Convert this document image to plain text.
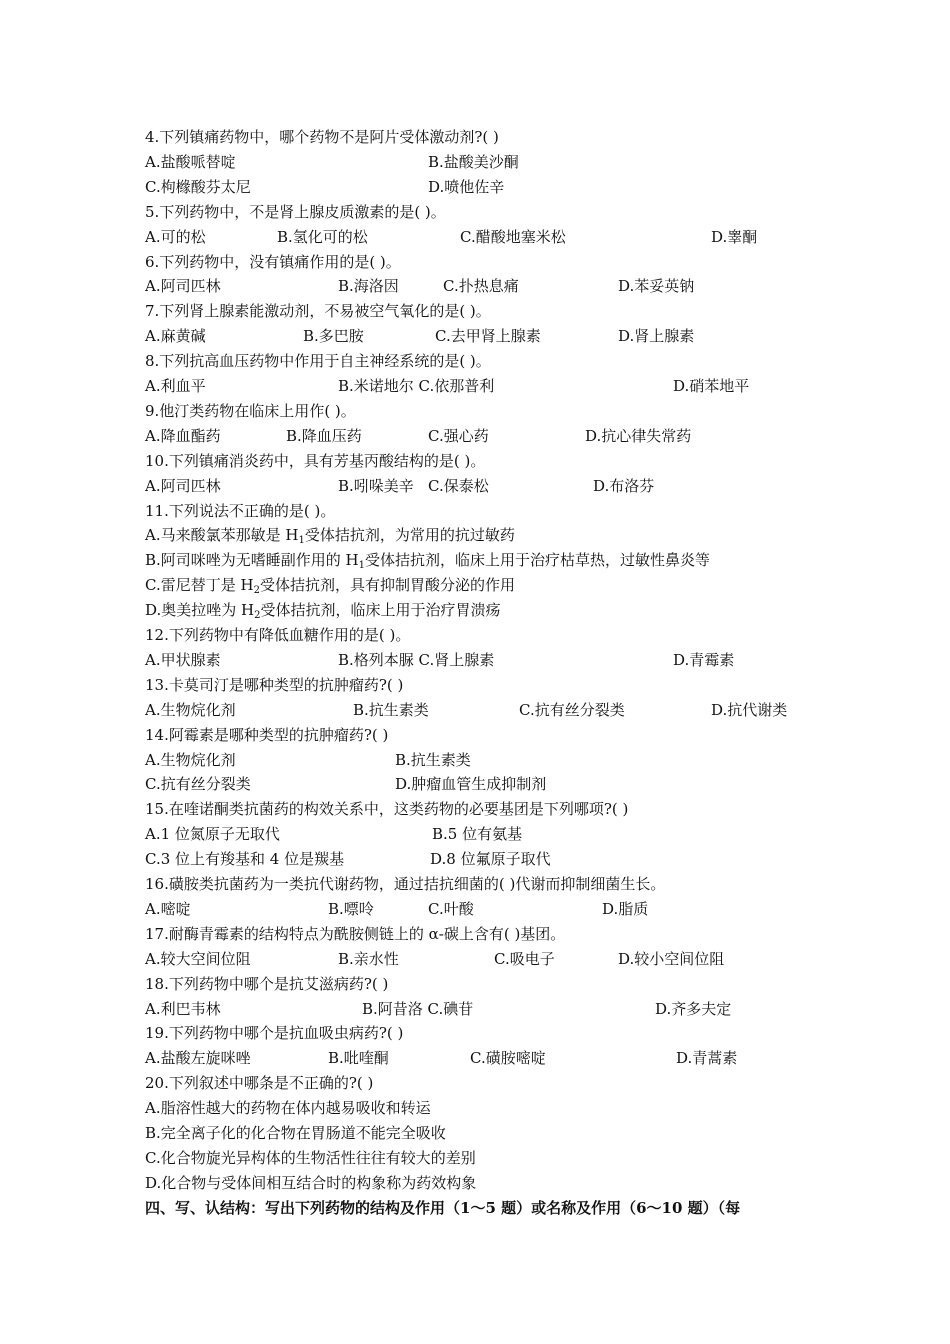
4.下列镇痛药物中，哪个药物不是阿片受体激动剂?( )
A.盐酸哌替啶	B.盐酸美沙酮
C.枸橼酸芬太尼	D.喷他佐辛
5.下列药物中，不是肾上腺皮质激素的是( )。
A.可的松	B.氢化可的松	C.醋酸地塞米松	D.睾酮
6.下列药物中，没有镇痛作用的是( )。
A.阿司匹林	B.海洛因	C.扑热息痛	D.苯妥英钠
7.下列肾上腺素能激动剂，不易被空气氧化的是( )。
A.麻黄碱	B.多巴胺	C.去甲肾上腺素	D.肾上腺素
8.下列抗高血压药物中作用于自主神经系统的是( )。
A.利血平	B.米诺地尔 C.依那普利	D.硝苯地平
9.他汀类药物在临床上用作( )。
A.降血酯药	B.降血压药	C.强心药	D.抗心律失常药
10.下列镇痛消炎药中，具有芳基丙酸结构的是( )。
A.阿司匹林	B.吲哚美辛 C.保泰松	D.布洛芬
11.下列说法不正确的是( )。
A.马来酸氯苯那敏是 $H_1$受体拮抗剂，为常用的抗过敏药
B.阿司咪唑为无嗜睡副作用的 $H_1$受体拮抗剂，临床上用于治疗枯草热，过敏性鼻炎等
C.雷尼替丁是 $H_2$受体拮抗剂，具有抑制胃酸分泌的作用
D.奥美拉唑为 $H_2$受体拮抗剂，临床上用于治疗胃溃疡
12.下列药物中有降低血糖作用的是( )。
A.甲状腺素	B.格列本脲 C.肾上腺素	D.青霉素
13.卡莫司汀是哪种类型的抗肿瘤药?( )
A.生物烷化剂	B.抗生素类	C.抗有丝分裂类	D.抗代谢类
14.阿霉素是哪种类型的抗肿瘤药?( )
A.生物烷化剂	B.抗生素类
C.抗有丝分裂类	D.肿瘤血管生成抑制剂
15.在喹诺酮类抗菌药的构效关系中，这类药物的必要基团是下列哪项?( )
A.1 位氮原子无取代	B.5 位有氨基
C.3 位上有羧基和 4 位是羰基	D.8 位氟原子取代
16.磺胺类抗菌药为一类抗代谢药物，通过拮抗细菌的( )代谢而抑制细菌生长。
A.嘧啶	B.嘌呤	C.叶酸	D.脂质
17.耐酶青霉素的结构特点为酰胺侧链上的 α-碳上含有( )基团。
A.较大空间位阻	B.亲水性	C.吸电子	D.较小空间位阻
18.下列药物中哪个是抗艾滋病药?( )
A.利巴韦林	B.阿昔洛 C.碘苷	D.齐多夫定
19.下列药物中哪个是抗血吸虫病药?( )
A.盐酸左旋咪唑	B.吡喹酮	C.磺胺嘧啶	D.青蒿素
20.下列叙述中哪条是不正确的?( )
A.脂溶性越大的药物在体内越易吸收和转运
B.完全离子化的化合物在胃肠道不能完全吸收
C.化合物旋光异构体的生物活性往往有较大的差别
D.化合物与受体间相互结合时的构象称为药效构象
四、写、认结构：写出下列药物的结构及作用（1～5 题）或名称及作用（6～10 题）（每
